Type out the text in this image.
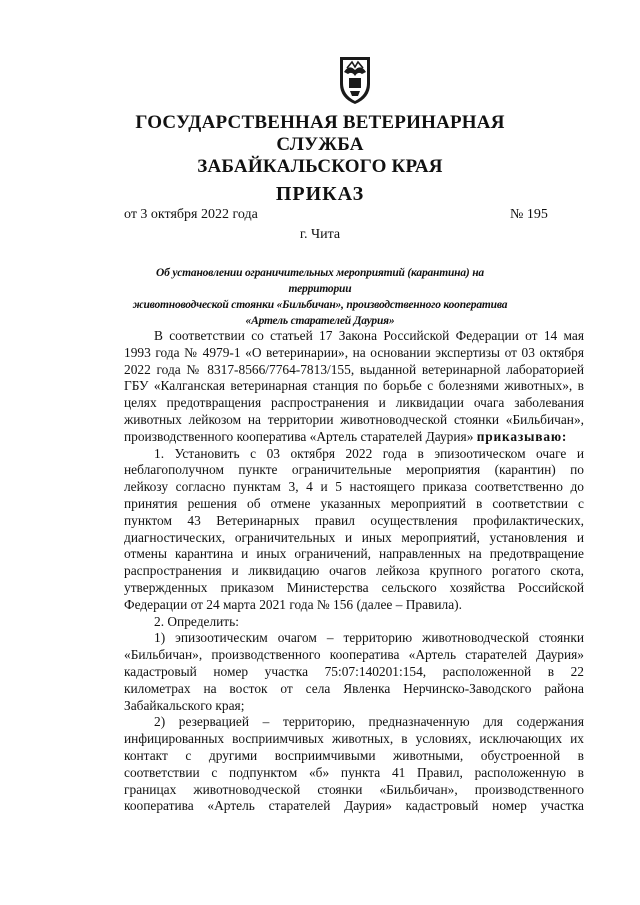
ГОСУДАРСТВЕННАЯ ВЕТЕРИНАРНАЯ СЛУЖБА
ЗАБАЙКАЛЬСКОГО КРАЯ
ПРИКАЗ
от 3 октября 2022 года	№ 195
г. Чита
Об установлении ограничительных мероприятий (карантина) на территории
животноводческой стоянки «Бильбичан», производственного кооператива
«Артель старателей Даурия»
В соответствии со статьей 17 Закона Российской Федерации от 14 мая
1993 года № 4979-1 «О ветеринарии», на основании экспертизы от 03 октября
2022 года № 8317-8566/7764-7813/155, выданной ветеринарной лабораторией
ГБУ «Калганская ветеринарная станция по борьбе с болезнями животных», в
целях предотвращения распространения и ликвидации очага заболевания
животных лейкозом на территории животноводческой стоянки «Бильбичан»,
производственного кооператива «Артель старателей Даурия» приказываю:
1. Установить с 03 октября 2022 года в эпизоотическом очаге и
неблагополучном пункте ограничительные мероприятия (карантин) по
лейкозу согласно пунктам 3, 4 и 5 настоящего приказа соответственно до
принятия решения об отмене указанных мероприятий в соответствии с
пунктом 43 Ветеринарных правил осуществления профилактических,
диагностических, ограничительных и иных мероприятий, установления и
отмены карантина и иных ограничений, направленных на предотвращение
распространения и ликвидацию очагов лейкоза крупного рогатого скота,
утвержденных приказом Министерства сельского хозяйства Российской
Федерации от 24 марта 2021 года № 156 (далее – Правила).
2. Определить:
1) эпизоотическим очагом – территорию животноводческой стоянки
«Бильбичан», производственного кооператива «Артель старателей Даурия»
кадастровый номер участка 75:07:140201:154, расположенной в 22
километрах на восток от села Явленка Нерчинско-Заводского района
Забайкальского края;
2) резервацией – территорию, предназначенную для содержания
инфицированных восприимчивых животных, в условиях, исключающих их
контакт с другими восприимчивыми животными, обустроенной в
соответствии с подпунктом «б» пункта 41 Правил, расположенную в
границах животноводческой стоянки «Бильбичан», производственного
кооператива «Артель старателей Даурия» кадастровый номер участка
